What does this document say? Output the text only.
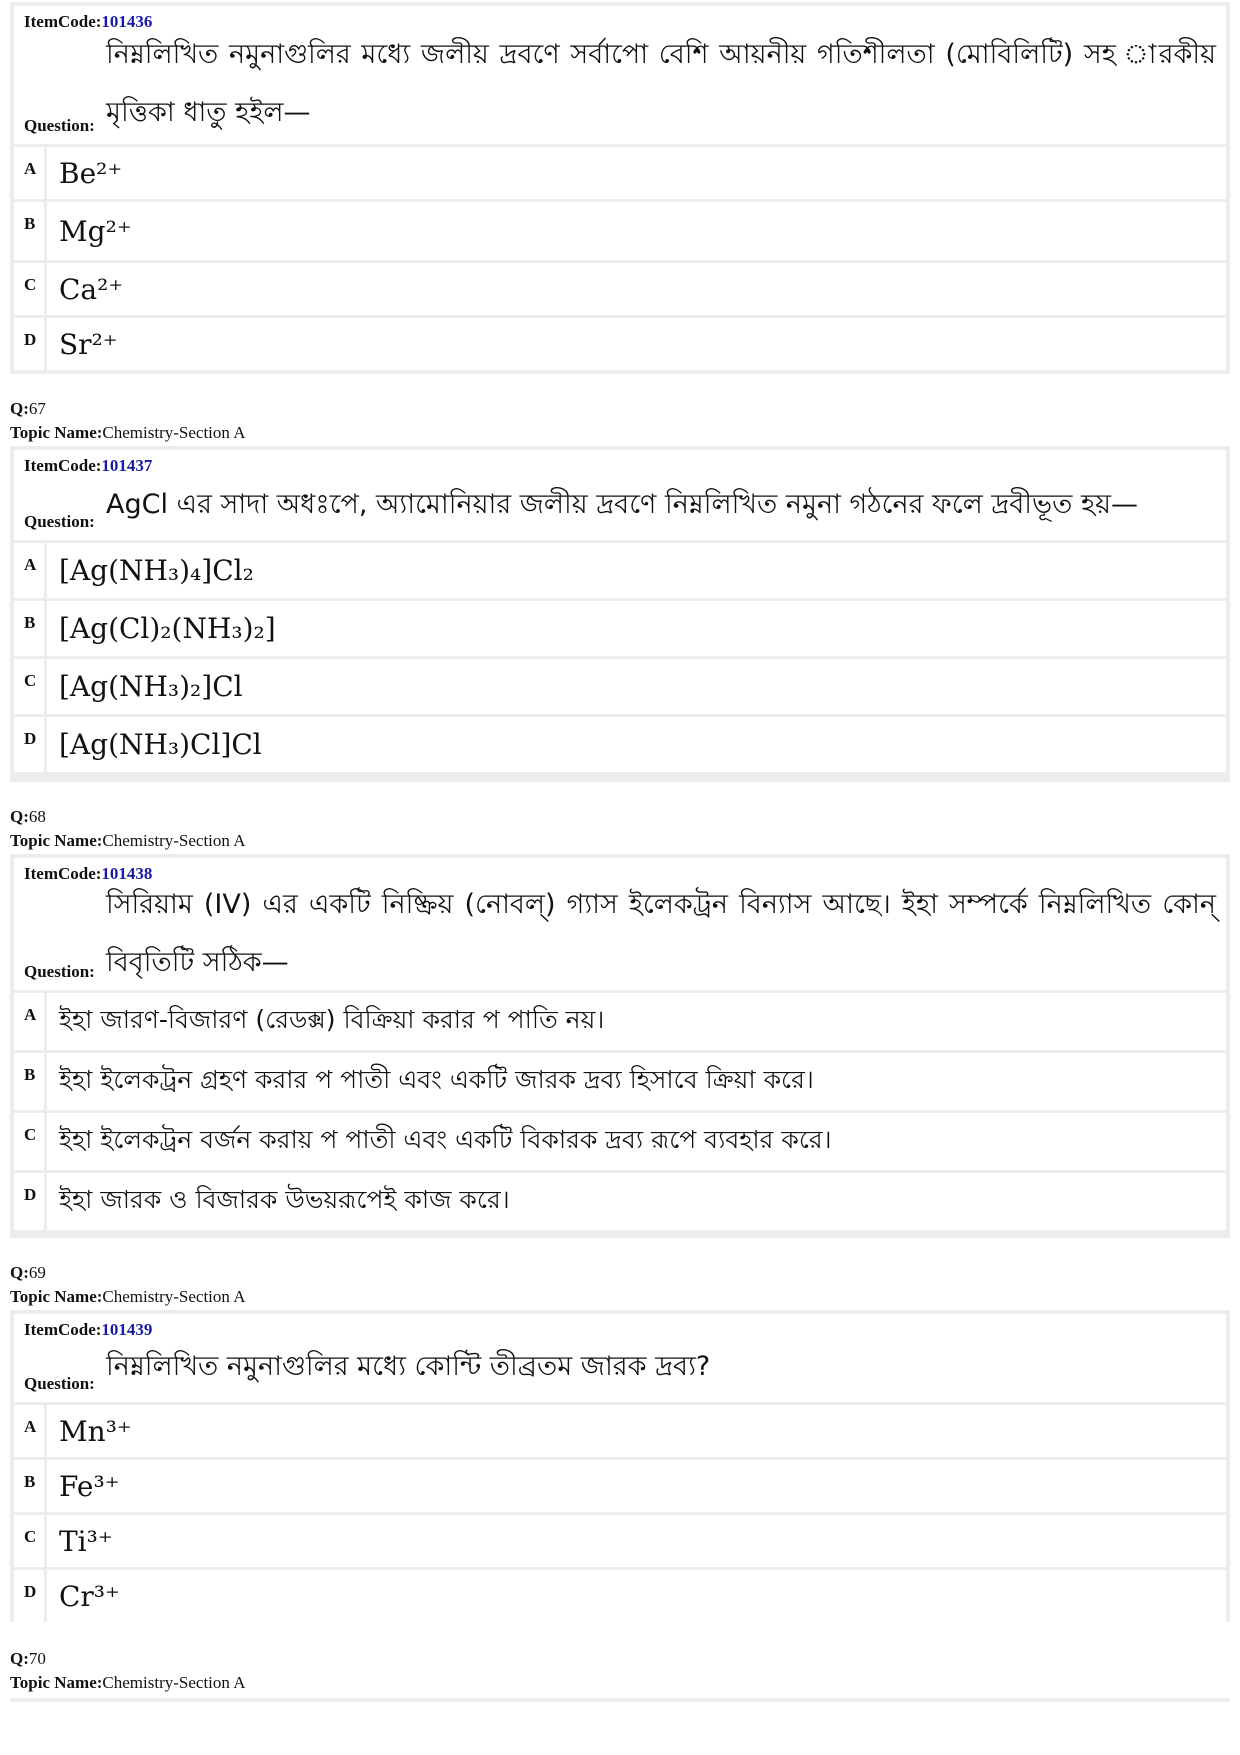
ItemCode:101436
নিম্নলিখিত নমুনাগুলির মধ্যে জলীয় দ্রবণে সর্বাপো বেশি আয়নীয় গতিশীলতা (মোবিলিটি) সহ ারকীয় মৃত্তিকা ধাতু হইল—
Question:
A Be²⁺
B Mg²⁺
C Ca²⁺
D Sr²⁺
Q:67
Topic Name:Chemistry-Section A
ItemCode:101437
AgCl এর সাদা অধঃপে, অ্যামোনিয়ার জলীয় দ্রবণে নিম্নলিখিত নমুনা গঠনের ফলে দ্রবীভূত হয়—
Question:
A [Ag(NH₃)₄]Cl₂
B [Ag(Cl)₂(NH₃)₂]
C [Ag(NH₃)₂]Cl
D [Ag(NH₃)Cl]Cl
Q:68
Topic Name:Chemistry-Section A
ItemCode:101438
সিরিয়াম (IV) এর একটি নিষ্ক্রিয় (নোবল্) গ্যাস ইলেকট্রন বিন্যাস আছে। ইহা সম্পর্কে নিম্নলিখিত কোন্ বিবৃতিটি সঠিক—
Question:
A ইহা জারণ-বিজারণ (রেডক্স) বিক্রিয়া করার প পাতি নয়।
B ইহা ইলেকট্রন গ্রহণ করার প পাতী এবং একটি জারক দ্রব্য হিসাবে ক্রিয়া করে।
C ইহা ইলেকট্রন বর্জন করায় প পাতী এবং একটি বিকারক দ্রব্য রূপে ব্যবহার করে।
D ইহা জারক ও বিজারক উভয়রূপেই কাজ করে।
Q:69
Topic Name:Chemistry-Section A
ItemCode:101439
নিম্নলিখিত নমুনাগুলির মধ্যে কোন্টি তীব্রতম জারক দ্রব্য?
Question:
A Mn³⁺
B Fe³⁺
C Ti³⁺
D Cr³⁺
Q:70
Topic Name:Chemistry-Section A
